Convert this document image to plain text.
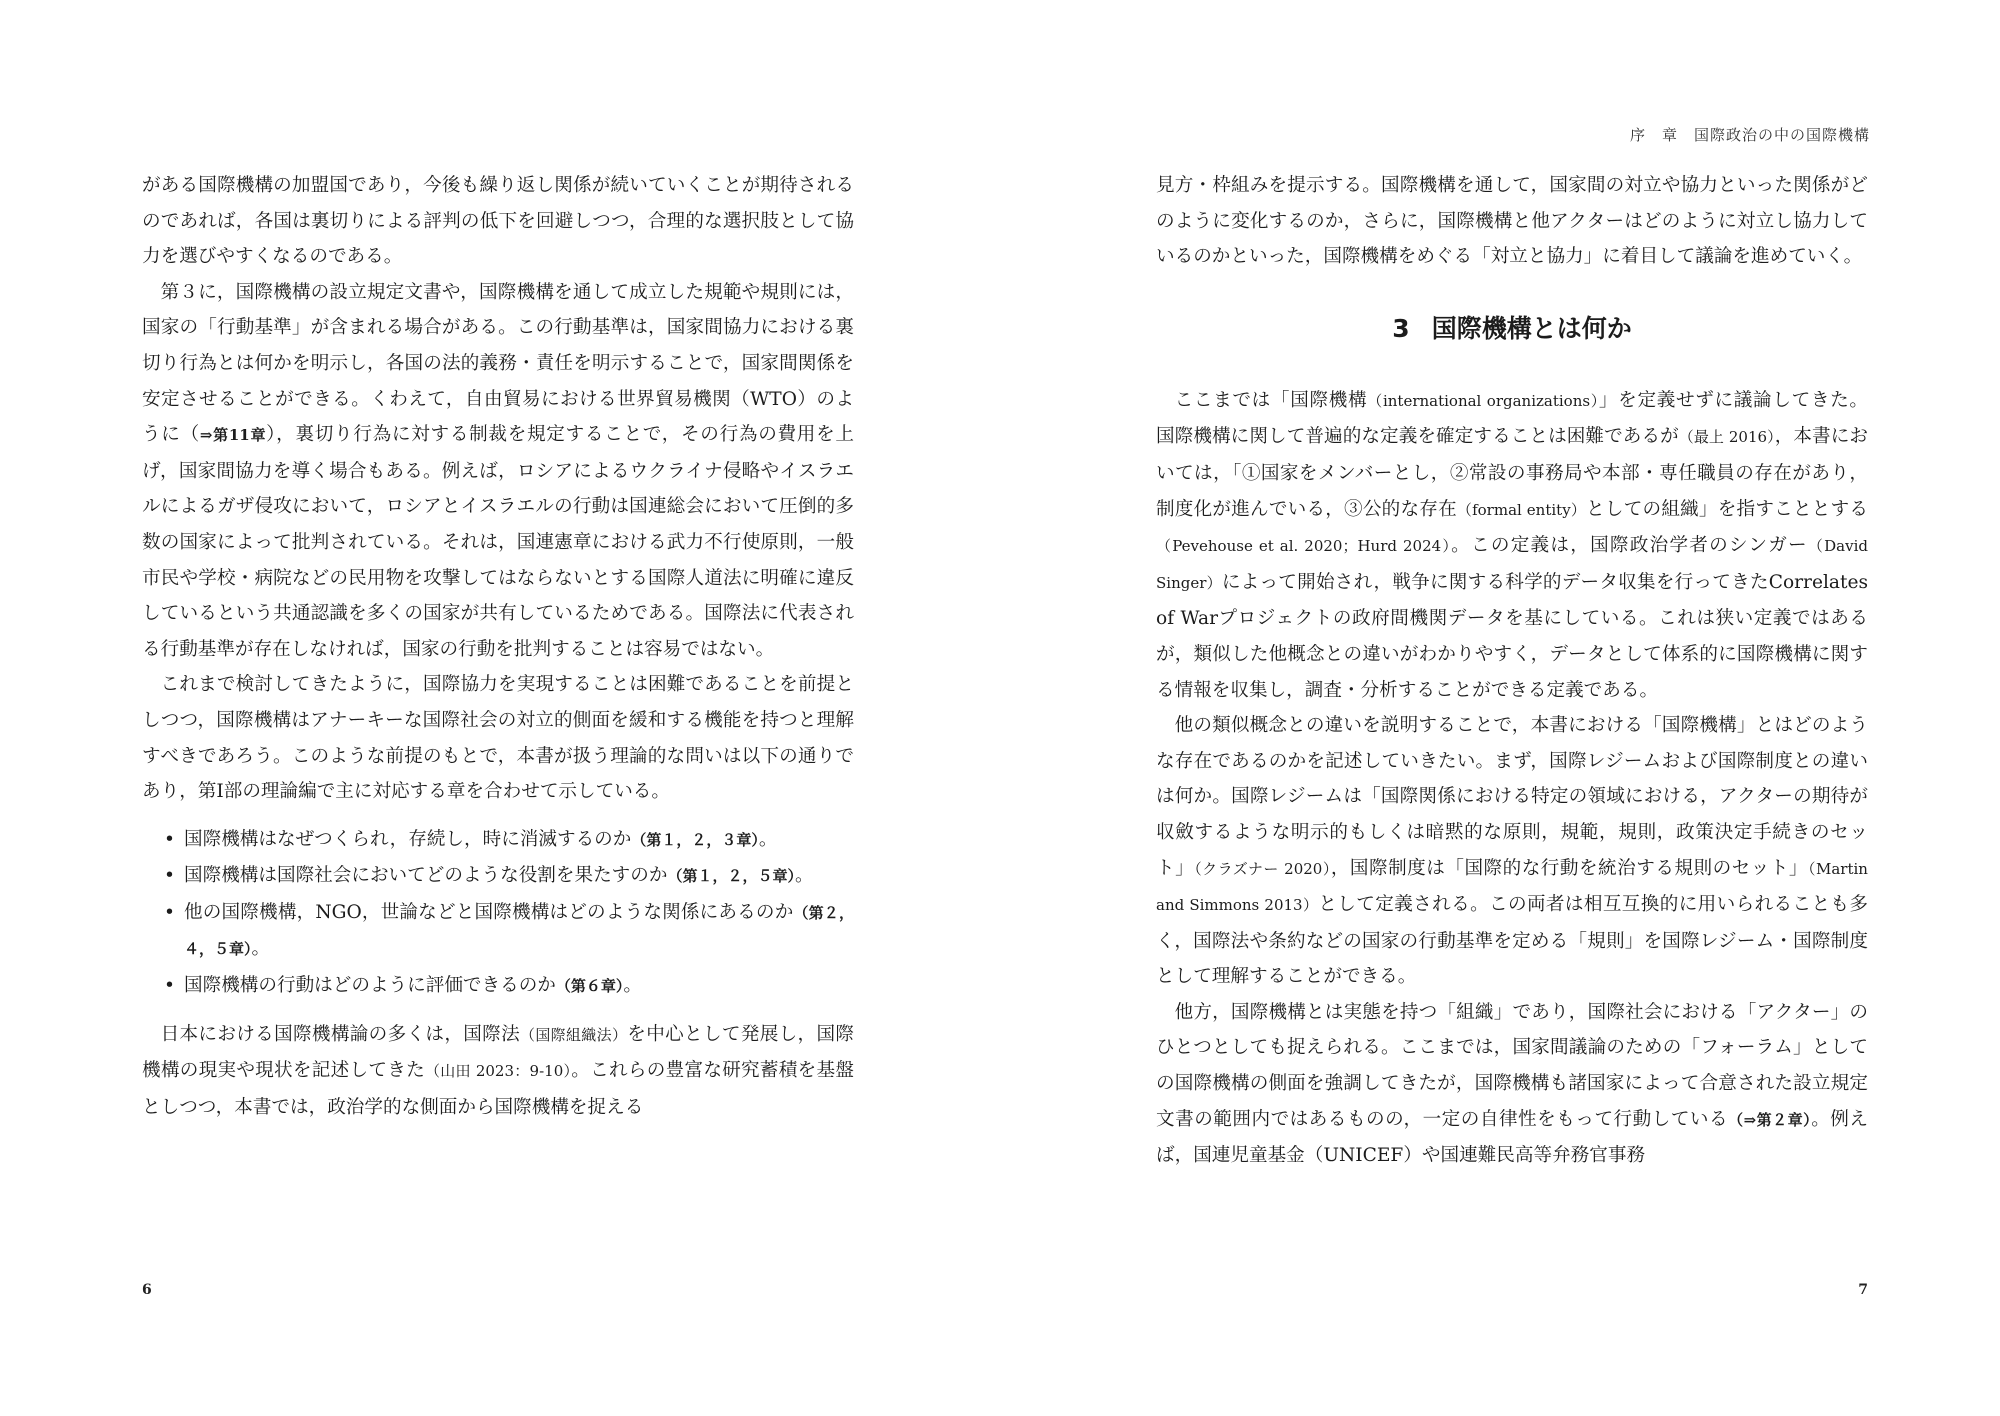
がある国際機構の加盟国であり，今後も繰り返し関係が続いていくことが期待されるのであれば，各国は裏切りによる評判の低下を回避しつつ，合理的な選択肢として協力を選びやすくなるのである。

第３に，国際機構の設立規定文書や，国際機構を通して成立した規範や規則には，国家の「行動基準」が含まれる場合がある。この行動基準は，国家間協力における裏切り行為とは何かを明示し，各国の法的義務・責任を明示することで，国家間関係を安定させることができる。くわえて，自由貿易における世界貿易機関（WTO）のように（⇒第11章），裏切り行為に対する制裁を規定することで，その行為の費用を上げ，国家間協力を導く場合もある。例えば，ロシアによるウクライナ侵略やイスラエルによるガザ侵攻において，ロシアとイスラエルの行動は国連総会において圧倒的多数の国家によって批判されている。それは，国連憲章における武力不行使原則，一般市民や学校・病院などの民用物を攻撃してはならないとする国際人道法に明確に違反しているという共通認識を多くの国家が共有しているためである。国際法に代表される行動基準が存在しなければ，国家の行動を批判することは容易ではない。

これまで検討してきたように，国際協力を実現することは困難であることを前提としつつ，国際機構はアナーキーな国際社会の対立的側面を緩和する機能を持つと理解すべきであろう。このような前提のもとで，本書が扱う理論的な問いは以下の通りであり，第Ⅰ部の理論編で主に対応する章を合わせて示している。

• 国際機構はなぜつくられ，存続し，時に消滅するのか（第１，２，３章）。
• 国際機構は国際社会においてどのような役割を果たすのか（第１，２，５章）。
• 他の国際機構，NGO，世論などと国際機構はどのような関係にあるのか（第２，４，５章）。
• 国際機構の行動はどのように評価できるのか（第６章）。

日本における国際機構論の多くは，国際法（国際組織法）を中心として発展し，国際機構の現実や現状を記述してきた（山田 2023：9-10）。これらの豊富な研究蓄積を基盤としつつ，本書では，政治学的な側面から国際機構を捉える

6
序　章　国際政治の中の国際機構

見方・枠組みを提示する。国際機構を通して，国家間の対立や協力といった関係がどのように変化するのか，さらに，国際機構と他アクターはどのように対立し協力しているのかといった，国際機構をめぐる「対立と協力」に着目して議論を進めていく。

3 国際機構とは何か

ここまでは「国際機構（international organizations）」を定義せずに議論してきた。国際機構に関して普遍的な定義を確定することは困難であるが（最上 2016），本書においては，「①国家をメンバーとし，②常設の事務局や本部・専任職員の存在があり，制度化が進んでいる，③公的な存在（formal entity）としての組織」を指すこととする（Pevehouse et al. 2020；Hurd 2024）。この定義は，国際政治学者のシンガー（David Singer）によって開始され，戦争に関する科学的データ収集を行ってきたCorrelates of Warプロジェクトの政府間機関データを基にしている。これは狭い定義ではあるが，類似した他概念との違いがわかりやすく，データとして体系的に国際機構に関する情報を収集し，調査・分析することができる定義である。

他の類似概念との違いを説明することで，本書における「国際機構」とはどのような存在であるのかを記述していきたい。まず，国際レジームおよび国際制度との違いは何か。国際レジームは「国際関係における特定の領域における，アクターの期待が収斂するような明示的もしくは暗黙的な原則，規範，規則，政策決定手続きのセット」（クラズナー 2020），国際制度は「国際的な行動を統治する規則のセット」（Martin and Simmons 2013）として定義される。この両者は相互互換的に用いられることも多く，国際法や条約などの国家の行動基準を定める「規則」を国際レジーム・国際制度として理解することができる。

他方，国際機構とは実態を持つ「組織」であり，国際社会における「アクター」のひとつとしても捉えられる。ここまでは，国家間議論のための「フォーラム」としての国際機構の側面を強調してきたが，国際機構も諸国家によって合意された設立規定文書の範囲内ではあるものの，一定の自律性をもって行動している（⇒第２章）。例えば，国連児童基金（UNICEF）や国連難民高等弁務官事務

7
